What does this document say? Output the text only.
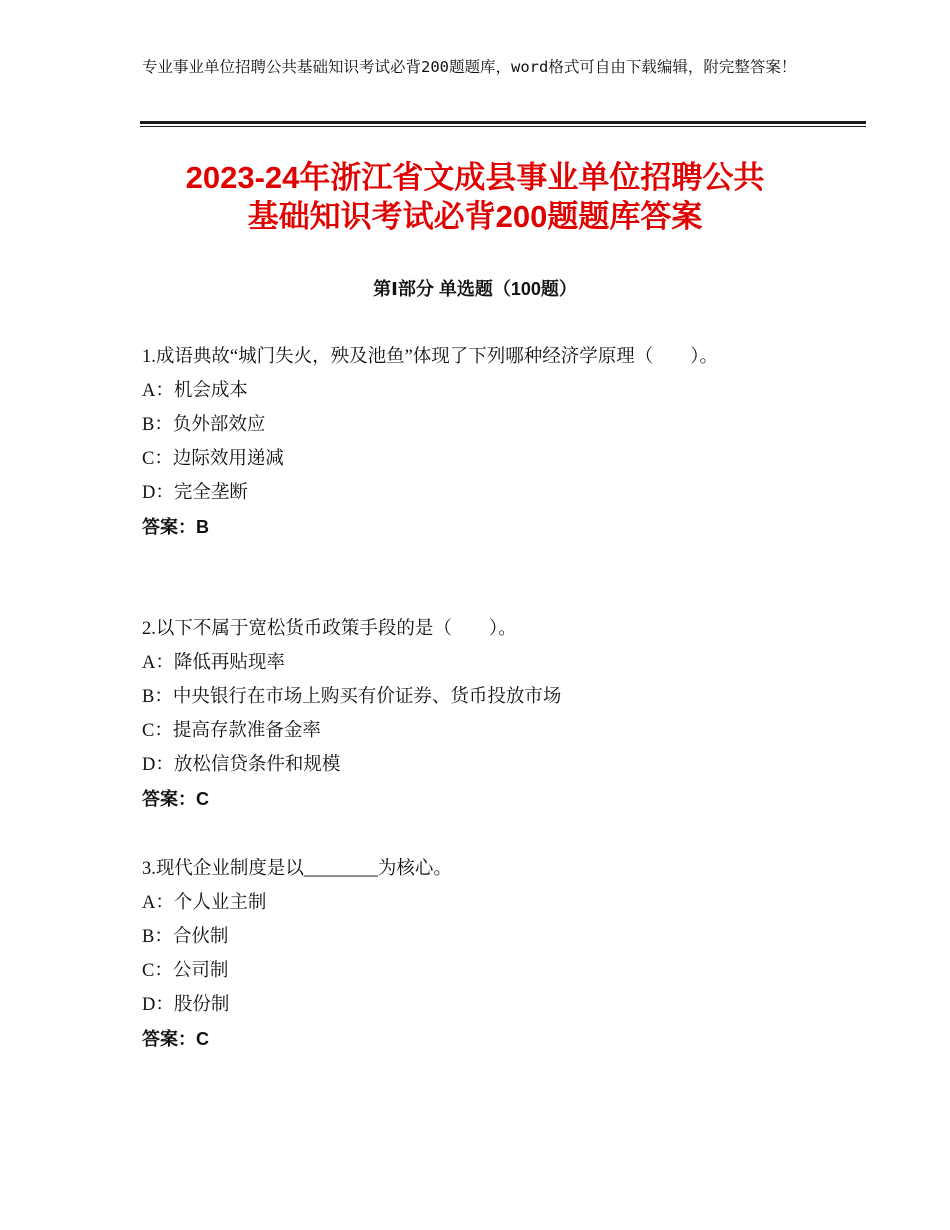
专业事业单位招聘公共基础知识考试必背200题题库，word格式可自由下载编辑，附完整答案！
2023-24年浙江省文成县事业单位招聘公共
基础知识考试必背200题题库答案
第Ⅰ部分 单选题（100题）

1.成语典故“城门失火，殃及池鱼”体现了下列哪种经济学原理（　　）。

A：机会成本

B：负外部效应

C：边际效用递减

D：完全垄断

答案：B

2.以下不属于宽松货币政策手段的是（　　）。

A：降低再贴现率

B：中央银行在市场上购买有价证券、货币投放市场

C：提高存款准备金率

D：放松信贷条件和规模

答案：C

3.现代企业制度是以________为核心。

A：个人业主制

B：合伙制

C：公司制

D：股份制

答案：C
